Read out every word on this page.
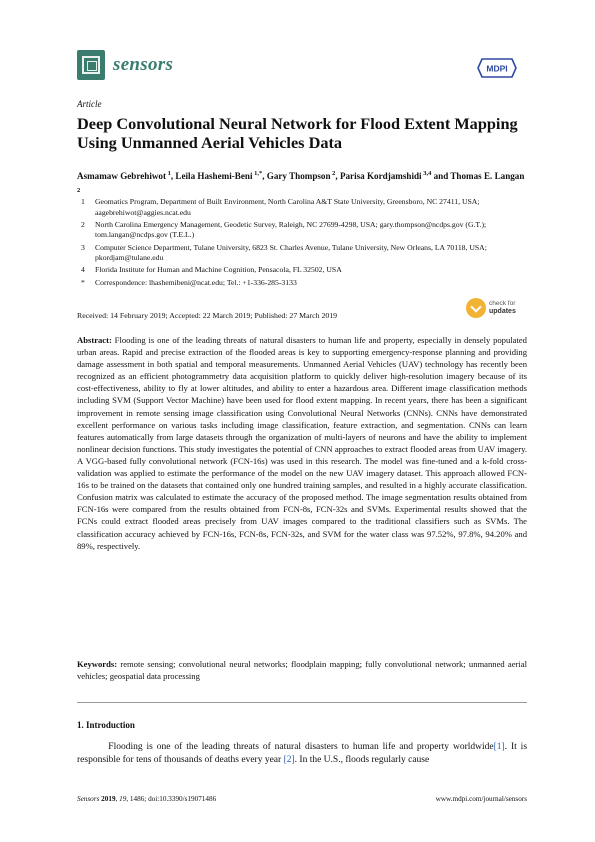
sensors	MDPI
Article
Deep Convolutional Neural Network for Flood Extent Mapping Using Unmanned Aerial Vehicles Data
Asmamaw Gebrehiwot $^1$, Leila Hashemi-Beni $^{1,*}$, Gary Thompson $^2$, Parisa Kordjamshidi $^{3,4}$ and Thomas E. Langan $^2$
1	Geomatics Program, Department of Built Environment, North Carolina A&T State University, Greensboro, NC 27411, USA; aagebrehiwot@aggies.ncat.edu
2	North Carolina Emergency Management, Geodetic Survey, Raleigh, NC 27699-4298, USA; gary.thompson@ncdps.gov (G.T.); tom.langan@ncdps.gov (T.E.L.)
3	Computer Science Department, Tulane University, 6823 St. Charles Avenue, Tulane University, New Orleans, LA 70118, USA; pkordjam@tulane.edu
4	Florida Institute for Human and Machine Cognition, Pensacola, FL 32502, USA
*	Correspondence: lhashemibeni@ncat.edu; Tel.: +1-336-285-3133
Received: 14 February 2019; Accepted: 22 March 2019; Published: 27 March 2019
check for
updates
Abstract: Flooding is one of the leading threats of natural disasters to human life and property, especially in densely populated urban areas. Rapid and precise extraction of the flooded areas is key to supporting emergency-response planning and providing damage assessment in both spatial and temporal measurements. Unmanned Aerial Vehicles (UAV) technology has recently been recognized as an efficient photogrammetry data acquisition platform to quickly deliver high-resolution imagery because of its cost-effectiveness, ability to fly at lower altitudes, and ability to enter a hazardous area. Different image classification methods including SVM (Support Vector Machine) have been used for flood extent mapping. In recent years, there has been a significant improvement in remote sensing image classification using Convolutional Neural Networks (CNNs). CNNs have demonstrated excellent performance on various tasks including image classification, feature extraction, and segmentation. CNNs can learn features automatically from large datasets through the organization of multi-layers of neurons and have the ability to implement nonlinear decision functions. This study investigates the potential of CNN approaches to extract flooded areas from UAV imagery. A VGG-based fully convolutional network (FCN-16s) was used in this research. The model was fine-tuned and a k-fold cross-validation was applied to estimate the performance of the model on the new UAV imagery dataset. This approach allowed FCN-16s to be trained on the datasets that contained only one hundred training samples, and resulted in a highly accurate classification. Confusion matrix was calculated to estimate the accuracy of the proposed method. The image segmentation results obtained from FCN-16s were compared from the results obtained from FCN-8s, FCN-32s and SVMs. Experimental results showed that the FCNs could extract flooded areas precisely from UAV images compared to the traditional classifiers such as SVMs. The classification accuracy achieved by FCN-16s, FCN-8s, FCN-32s, and SVM for the water class was 97.52%, 97.8%, 94.20% and 89%, respectively.
Keywords: remote sensing; convolutional neural networks; floodplain mapping; fully convolutional network; unmanned aerial vehicles; geospatial data processing
1. Introduction
Flooding is one of the leading threats of natural disasters to human life and property worldwide[1]. It is responsible for tens of thousands of deaths every year [2]. In the U.S., floods regularly cause
Sensors 2019, 19, 1486; doi:10.3390/s19071486	www.mdpi.com/journal/sensors
